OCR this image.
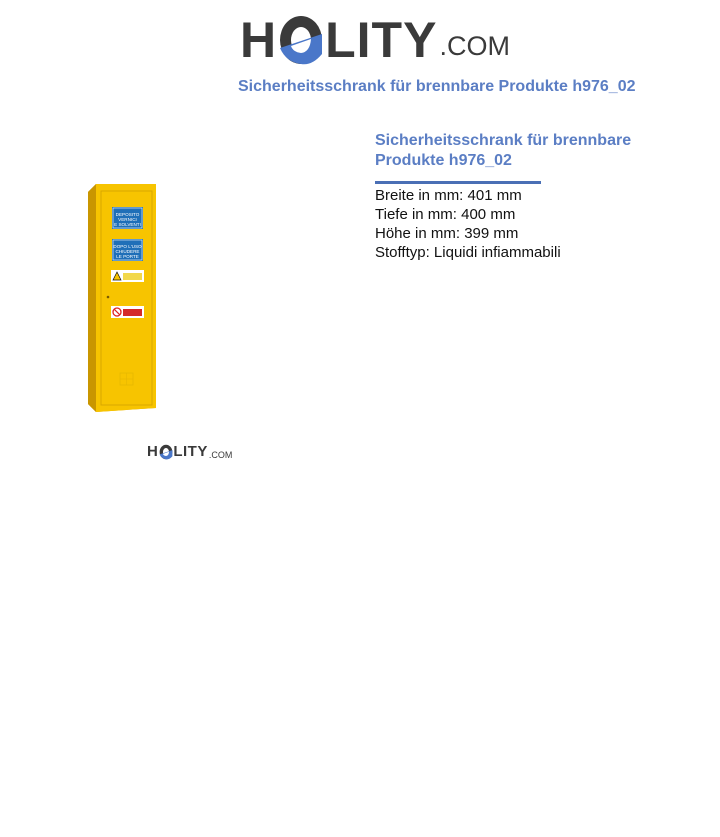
H LITY .COM
Sicherheitsschrank für brennbare Produkte h976_02
DEPOSITO
VERNICI
E SOLVENTI
DOPO L'USO
CHIUDERE
LE PORTE
H LITY .COM
Sicherheitsschrank für brennbare Produkte h976_02
Breite in mm: 401 mm
Tiefe in mm: 400 mm
Höhe in mm: 399 mm
Stofftyp: Liquidi infiammabili
